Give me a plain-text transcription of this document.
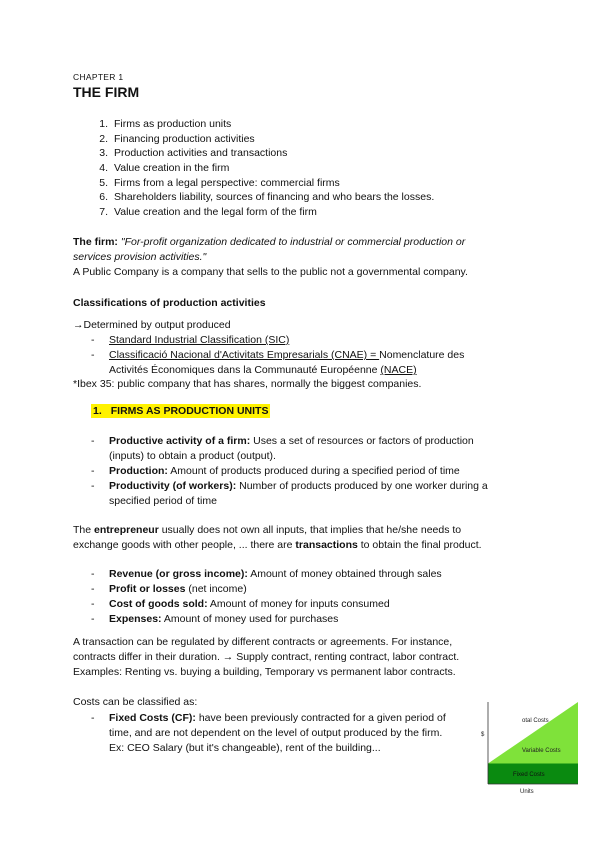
CHAPTER 1
THE FIRM
1. Firms as production units
2. Financing production activities
3. Production activities and transactions
4. Value creation in the firm
5. Firms from a legal perspective: commercial firms
6. Shareholders liability, sources of financing and who bears the losses.
7. Value creation and the legal form of the firm
The firm: "For-profit organization dedicated to industrial or commercial production or
services provision activities."
A Public Company is a company that sells to the public not a governmental company.
Classifications of production activities
→Determined by output produced
- Standard Industrial Classification (SIC)
- Classificació Nacional d'Activitats Empresarials (CNAE) = Nomenclature des
Activités Économiques dans la Communauté Européenne (NACE)
*Ibex 35: public company that has shares, normally the biggest companies.
1. FIRMS AS PRODUCTION UNITS
- Productive activity of a firm: Uses a set of resources or factors of production
(inputs) to obtain a product (output).
- Production: Amount of products produced during a specified period of time
- Productivity (of workers): Number of products produced by one worker during a
specified period of time
The entrepreneur usually does not own all inputs, that implies that he/she needs to
exchange goods with other people, ... there are transactions to obtain the final product.
- Revenue (or gross income): Amount of money obtained through sales
- Profit or losses (net income)
- Cost of goods sold: Amount of money for inputs consumed
- Expenses: Amount of money used for purchases
A transaction can be regulated by different contracts or agreements. For instance,
contracts differ in their duration. → Supply contract, renting contract, labor contract.
Examples: Renting vs. buying a building, Temporary vs permanent labor contracts.
Costs can be classified as:
- Fixed Costs (CF): have been previously contracted for a given period of
time, and are not dependent on the level of output produced by the firm.
Ex: CEO Salary (but it's changeable), rent of the building...
otal Costs
Variable Costs
Fixed Costs
$
Units
